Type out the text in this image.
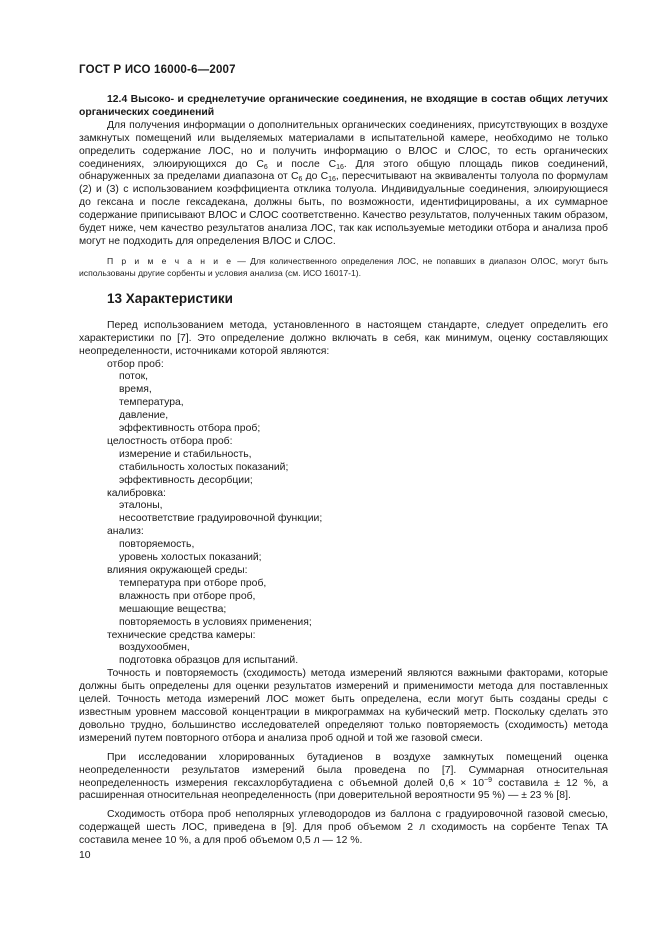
ГОСТ Р ИСО 16000-6—2007

12.4 Высоко- и среднелетучие органические соединения, не входящие в состав общих летучих органических соединений

Для получения информации о дополнительных органических соединениях, присутствующих в воздухе замкнутых помещений или выделяемых материалами в испытательной камере, необходимо не только определить содержание ЛОС, но и получить информацию о ВЛОС и СЛОС, то есть органических соединениях, элюирующихся до $С_6$ и после $С_{16}$. Для этого общую площадь пиков соединений, обнаруженных за пределами диапазона от $С_6$ до $С_{16}$, пересчитывают на эквиваленты толуола по формулам (2) и (3) с использованием коэффициента отклика толуола. Индивидуальные соединения, элюирующиеся до гексана и после гексадекана, должны быть, по возможности, идентифицированы, а их суммарное содержание приписывают ВЛОС и СЛОС соответственно. Качество результатов, полученных таким образом, будет ниже, чем качество результатов анализа ЛОС, так как используемые методики отбора и анализа проб могут не подходить для определения ВЛОС и СЛОС.

П р и м е ч а н и е — Для количественного определения ЛОС, не попавших в диапазон ОЛОС, могут быть использованы другие сорбенты и условия анализа (см. ИСО 16017-1).

13 Характеристики

Перед использованием метода, установленного в настоящем стандарте, следует определить его характеристики по [7]. Это определение должно включать в себя, как минимум, оценку составляющих неопределенности, источниками которой являются:

отбор проб:
поток,
время,
температура,
давление,
эффективность отбора проб;
целостность отбора проб:
измерение и стабильность,
стабильность холостых показаний;
эффективность десорбции;
калибровка:
эталоны,
несоответствие градуировочной функции;
анализ:
повторяемость,
уровень холостых показаний;
влияния окружающей среды:
температура при отборе проб,
влажность при отборе проб,
мешающие вещества;
повторяемость в условиях применения;
технические средства камеры:
воздухообмен,
подготовка образцов для испытаний.

Точность и повторяемость (сходимость) метода измерений являются важными факторами, которые должны быть определены для оценки результатов измерений и применимости метода для поставленных целей. Точность метода измерений ЛОС может быть определена, если могут быть созданы среды с известным уровнем массовой концентрации в микрограммах на кубический метр. Поскольку сделать это довольно трудно, большинство исследователей определяют только повторяемость (сходимость) метода измерений путем повторного отбора и анализа проб одной и той же газовой смеси.

При исследовании хлорированных бутадиенов в воздухе замкнутых помещений оценка неопределенности результатов измерений была проведена по [7]. Суммарная относительная неопределенность измерения гексахлорбутадиена с объемной долей $0,6 \times 10^{-9}$ составила ± 12 %, а расширенная относительная неопределенность (при доверительной вероятности 95 %) — ± 23 % [8].

Сходимость отбора проб неполярных углеводородов из баллона с градуировочной газовой смесью, содержащей шесть ЛОС, приведена в [9]. Для проб объемом 2 л сходимость на сорбенте Tenax TA составила менее 10 %, а для проб объемом 0,5 л — 12 %.

10
